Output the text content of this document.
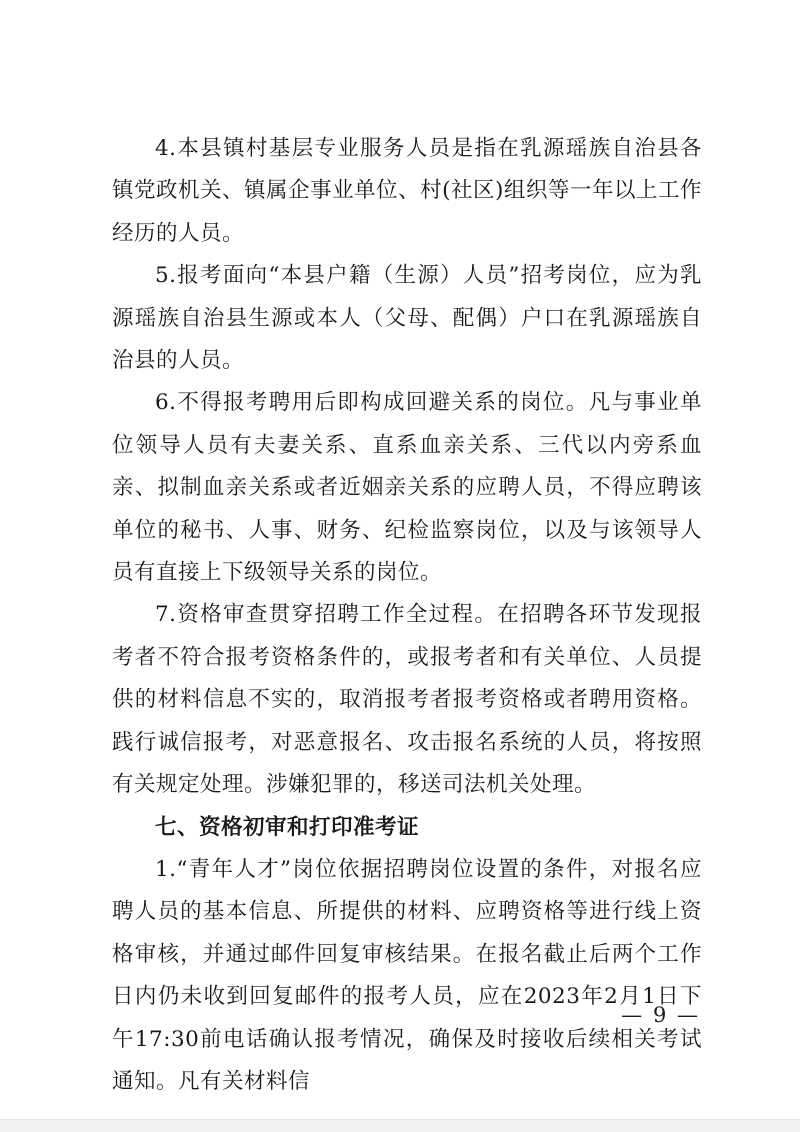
4.本县镇村基层专业服务人员是指在乳源瑶族自治县各镇党政机关、镇属企事业单位、村(社区)组织等一年以上工作经历的人员。

5.报考面向“本县户籍（生源）人员”招考岗位，应为乳源瑶族自治县生源或本人（父母、配偶）户口在乳源瑶族自治县的人员。

6.不得报考聘用后即构成回避关系的岗位。凡与事业单位领导人员有夫妻关系、直系血亲关系、三代以内旁系血亲、拟制血亲关系或者近姻亲关系的应聘人员，不得应聘该单位的秘书、人事、财务、纪检监察岗位，以及与该领导人员有直接上下级领导关系的岗位。

7.资格审查贯穿招聘工作全过程。在招聘各环节发现报考者不符合报考资格条件的，或报考者和有关单位、人员提供的材料信息不实的，取消报考者报考资格或者聘用资格。践行诚信报考，对恶意报名、攻击报名系统的人员，将按照有关规定处理。涉嫌犯罪的，移送司法机关处理。

七、资格初审和打印准考证

1.“青年人才”岗位依据招聘岗位设置的条件，对报名应聘人员的基本信息、所提供的材料、应聘资格等进行线上资格审核，并通过邮件回复审核结果。在报名截止后两个工作日内仍未收到回复邮件的报考人员，应在2023年2月1日下午17:30前电话确认报考情况，确保及时接收后续相关考试通知。凡有关材料信

— 9 —
